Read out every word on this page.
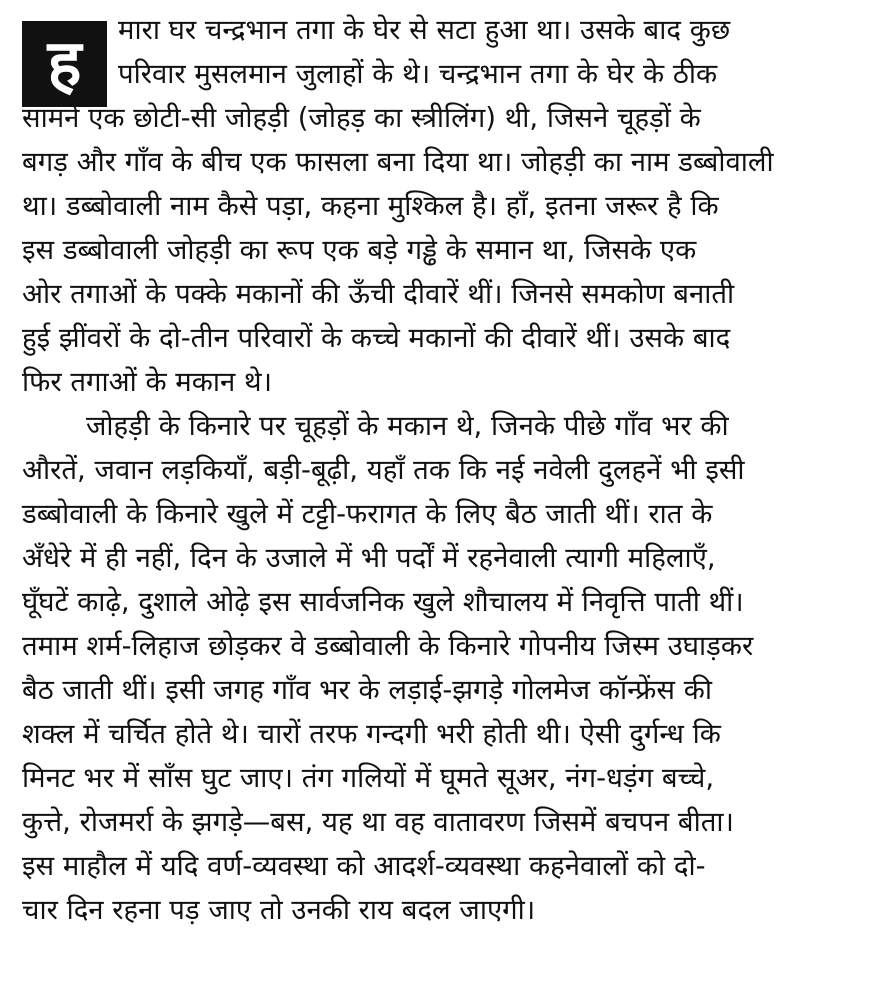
ह	मारा घर चन्द्रभान तगा के घेर से सटा हुआ था। उसके बाद कुछ
परिवार मुसलमान जुलाहों के थे। चन्द्रभान तगा के घेर के ठीक
सामने एक छोटी-सी जोहड़ी (जोहड़ का स्त्रीलिंग) थी, जिसने चूहड़ों के
बगड़ और गाँव के बीच एक फासला बना दिया था। जोहड़ी का नाम डब्बोवाली
था। डब्बोवाली नाम कैसे पड़ा, कहना मुश्किल है। हाँ, इतना जरूर है कि
इस डब्बोवाली जोहड़ी का रूप एक बड़े गड्ढे के समान था, जिसके एक
ओर तगाओं के पक्के मकानों की ऊँची दीवारें थीं। जिनसे समकोण बनाती
हुई झींवरों के दो-तीन परिवारों के कच्चे मकानों की दीवारें थीं। उसके बाद
फिर तगाओं के मकान थे।
जोहड़ी के किनारे पर चूहड़ों के मकान थे, जिनके पीछे गाँव भर की
औरतें, जवान लड़कियाँ, बड़ी-बूढ़ी, यहाँ तक कि नई नवेली दुलहनें भी इसी
डब्बोवाली के किनारे खुले में टट्टी-फरागत के लिए बैठ जाती थीं। रात के
अँधेरे में ही नहीं, दिन के उजाले में भी पर्दों में रहनेवाली त्यागी महिलाएँ,
घूँघटें काढ़े, दुशाले ओढ़े इस सार्वजनिक खुले शौचालय में निवृत्ति पाती थीं।
तमाम शर्म-लिहाज छोड़कर वे डब्बोवाली के किनारे गोपनीय जिस्म उघाड़कर
बैठ जाती थीं। इसी जगह गाँव भर के लड़ाई-झगड़े गोलमेज कॉन्फ्रेंस की
शक्ल में चर्चित होते थे। चारों तरफ गन्दगी भरी होती थी। ऐसी दुर्गन्ध कि
मिनट भर में साँस घुट जाए। तंग गलियों में घूमते सूअर, नंग-धड़ंग बच्चे,
कुत्ते, रोजमर्रा के झगड़े—बस, यह था वह वातावरण जिसमें बचपन बीता।
इस माहौल में यदि वर्ण-व्यवस्था को आदर्श-व्यवस्था कहनेवालों को दो-
चार दिन रहना पड़ जाए तो उनकी राय बदल जाएगी।
